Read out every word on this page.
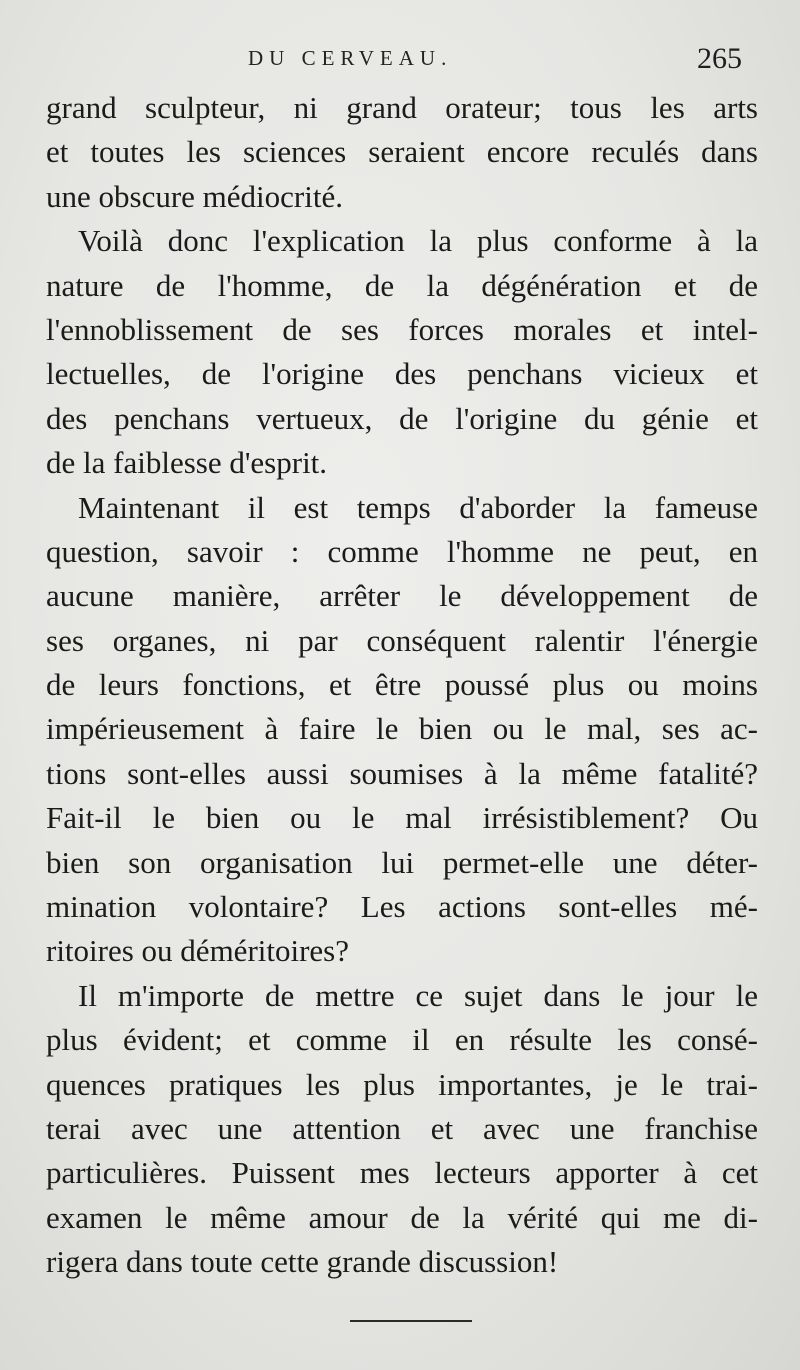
DU CERVEAU.	265
grand sculpteur, ni grand orateur; tous les arts
et toutes les sciences seraient encore reculés dans
une obscure médiocrité.
Voilà donc l'explication la plus conforme à la
nature de l'homme, de la dégénération et de
l'ennoblissement de ses forces morales et intel-
lectuelles, de l'origine des penchans vicieux et
des penchans vertueux, de l'origine du génie et
de la faiblesse d'esprit.
Maintenant il est temps d'aborder la fameuse
question, savoir : comme l'homme ne peut, en
aucune manière, arrêter le développement de
ses organes, ni par conséquent ralentir l'énergie
de leurs fonctions, et être poussé plus ou moins
impérieusement à faire le bien ou le mal, ses ac-
tions sont-elles aussi soumises à la même fatalité?
Fait-il le bien ou le mal irrésistiblement? Ou
bien son organisation lui permet-elle une déter-
mination volontaire? Les actions sont-elles mé-
ritoires ou déméritoires?
Il m'importe de mettre ce sujet dans le jour le
plus évident; et comme il en résulte les consé-
quences pratiques les plus importantes, je le trai-
terai avec une attention et avec une franchise
particulières. Puissent mes lecteurs apporter à cet
examen le même amour de la vérité qui me di-
rigera dans toute cette grande discussion!
